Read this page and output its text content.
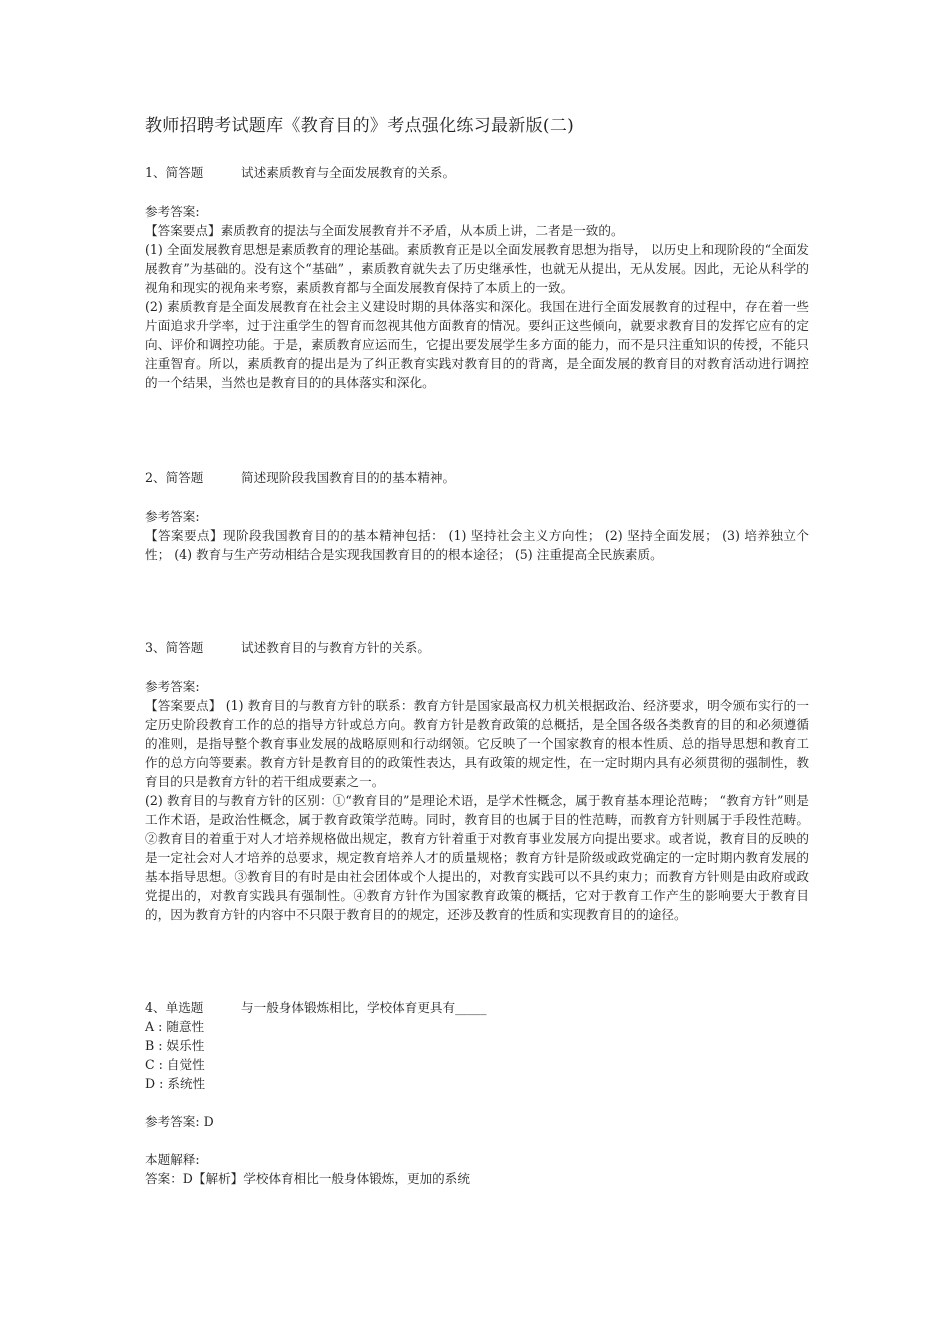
教师招聘考试题库《教育目的》考点强化练习最新版(二)
1、简答题	试述素质教育与全面发展教育的关系。
参考答案:

【答案要点】素质教育的提法与全面发展教育并不矛盾，从本质上讲，二者是一致的。

(1) 全面发展教育思想是素质教育的理论基础。素质教育正是以全面发展教育思想为指导， 以历史上和现阶段的“全面发展教育”为基础的。没有这个“基础” ，素质教育就失去了历史继承性，也就无从提出，无从发展。因此，无论从科学的视角和现实的视角来考察，素质教育都与全面发展教育保持了本质上的一致。

(2) 素质教育是全面发展教育在社会主义建设时期的具体落实和深化。我国在进行全面发展教育的过程中，存在着一些片面追求升学率，过于注重学生的智育而忽视其他方面教育的情况。要纠正这些倾向，就要求教育目的发挥它应有的定向、评价和调控功能。于是，素质教育应运而生，它提出要发展学生多方面的能力，而不是只注重知识的传授，不能只注重智育。所以，素质教育的提出是为了纠正教育实践对教育目的的背离，是全面发展的教育目的对教育活动进行调控的一个结果，当然也是教育目的的具体落实和深化。

2、简答题	简述现阶段我国教育目的的基本精神。
参考答案:

【答案要点】现阶段我国教育目的的基本精神包括： (1) 坚持社会主义方向性； (2) 坚持全面发展； (3) 培养独立个性； (4) 教育与生产劳动相结合是实现我国教育目的的根本途径； (5) 注重提高全民族素质。

3、简答题	试述教育目的与教育方针的关系。
参考答案:

【答案要点】 (1) 教育目的与教育方针的联系：教育方针是国家最高权力机关根据政治、经济要求，明令颁布实行的一定历史阶段教育工作的总的指导方针或总方向。教育方针是教育政策的总概括，是全国各级各类教育的目的和必须遵循的准则，是指导整个教育事业发展的战略原则和行动纲领。它反映了一个国家教育的根本性质、总的指导思想和教育工作的总方向等要素。教育方针是教育目的的政策性表达，具有政策的规定性，在一定时期内具有必须贯彻的强制性，教育目的只是教育方针的若干组成要素之一。

(2) 教育目的与教育方针的区别：①“教育目的”是理论术语，是学术性概念，属于教育基本理论范畴； “教育方针”则是工作术语，是政治性概念，属于教育政策学范畴。同时，教育目的也属于目的性范畴，而教育方针则属于手段性范畴。②教育目的着重于对人才培养规格做出规定，教育方针着重于对教育事业发展方向提出要求。或者说，教育目的反映的是一定社会对人才培养的总要求，规定教育培养人才的质量规格；教育方针是阶级或政党确定的一定时期内教育发展的基本指导思想。③教育目的有时是由社会团体或个人提出的，对教育实践可以不具约束力；而教育方针则是由政府或政党提出的，对教育实践具有强制性。④教育方针作为国家教育政策的概括，它对于教育工作产生的影响要大于教育目的，因为教育方针的内容中不只限于教育目的的规定，还涉及教育的性质和实现教育目的的途径。

4、单选题	与一般身体锻炼相比，学校体育更具有_____
A : 随意性
B : 娱乐性
C : 自觉性
D : 系统性
参考答案: D
本题解释:
答案：D【解析】学校体育相比一般身体锻炼，更加的系统
